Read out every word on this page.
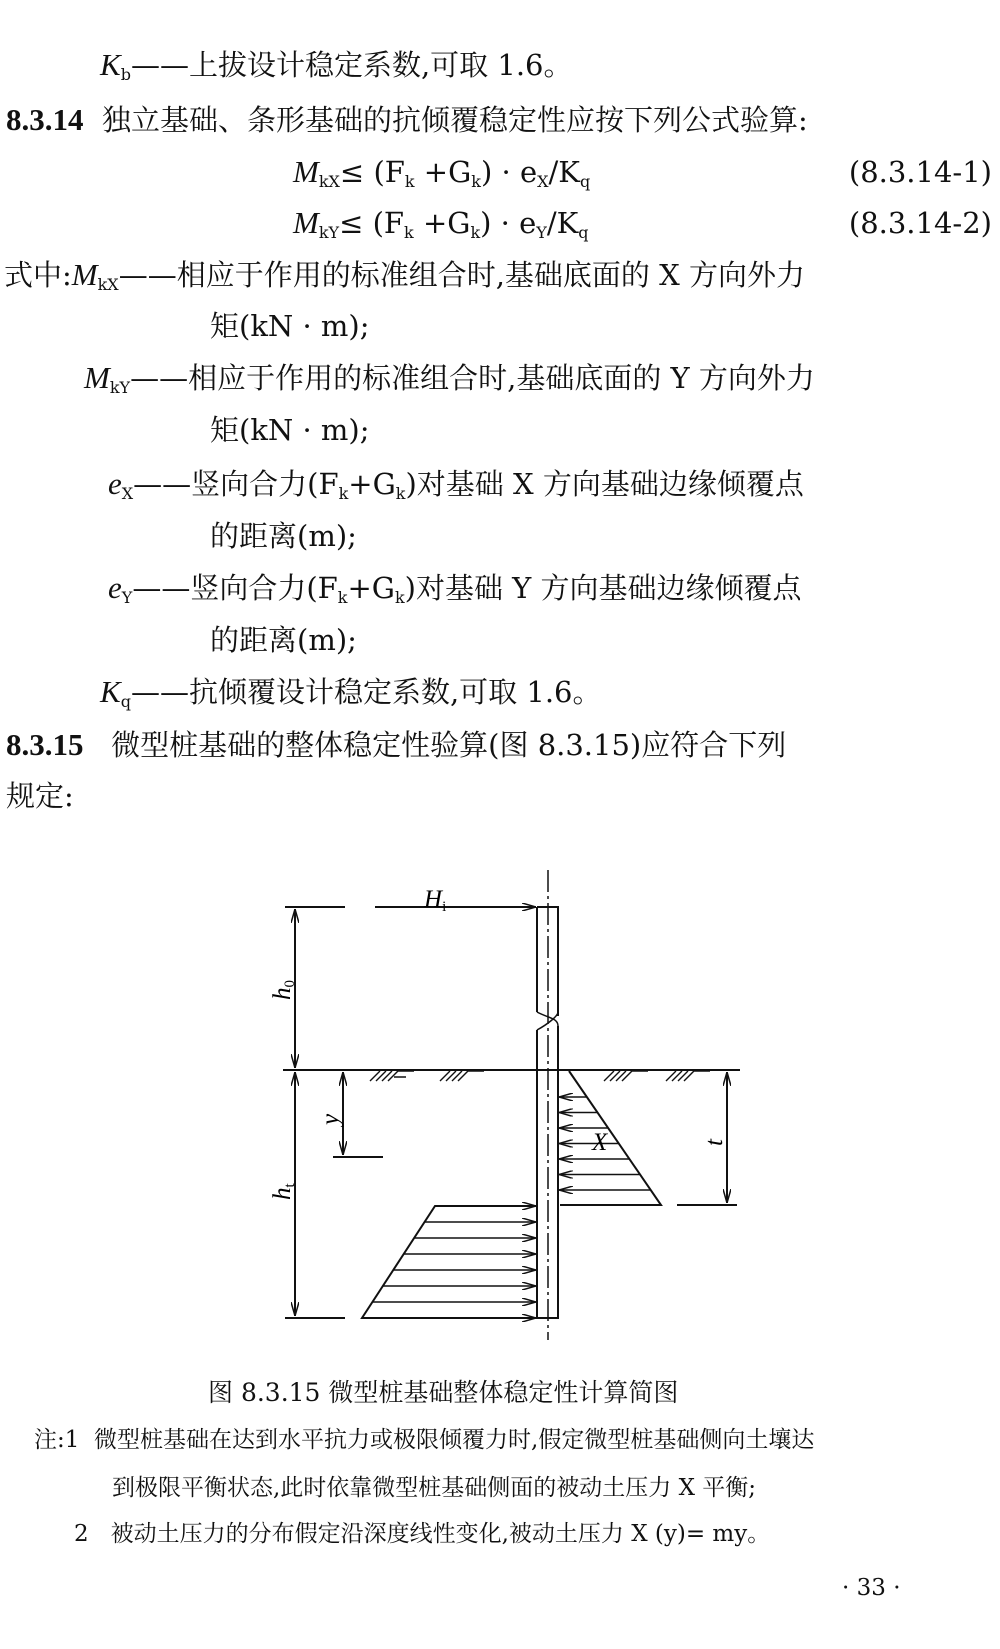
$K_b——$上拔设计稳定系数,可取 1.6。
8.3.14 独立基础、条形基础的抗倾覆稳定性应按下列公式验算:
$M_{kX}\le (F_k +G_k) \cdot e_X/K_q$	(8.3.14-1)
$M_{kY}\le (F_k +G_k) \cdot e_Y/K_q$	(8.3.14-2)
式中$:M_{kX}——$相应于作用的标准组合时,基础底面的 X 方向外力
矩(kN · m);
$M_{kY}——$相应于作用的标准组合时,基础底面的 Y 方向外力
矩(kN · m);
$e_X——$竖向合力$(F_k+G_k)$对基础 X 方向基础边缘倾覆点
的距离(m);
$e_Y——$竖向合力$(F_k+G_k)$对基础 Y 方向基础边缘倾覆点
的距离(m);
$K_q——$抗倾覆设计稳定系数,可取 1.6。
8.3.15 微型桩基础的整体稳定性验算(图 8.3.15)应符合下列
规定:
Hi
h0
ht
y
t
X
图 8.3.15 微型桩基础整体稳定性计算简图
注:1 微型桩基础在达到水平抗力或极限倾覆力时,假定微型桩基础侧向土壤达
到极限平衡状态,此时依靠微型桩基础侧面的被动土压力 X 平衡;
2 被动土压力的分布假定沿深度线性变化,被动土压力 X (y)= my。
· 33 ·
